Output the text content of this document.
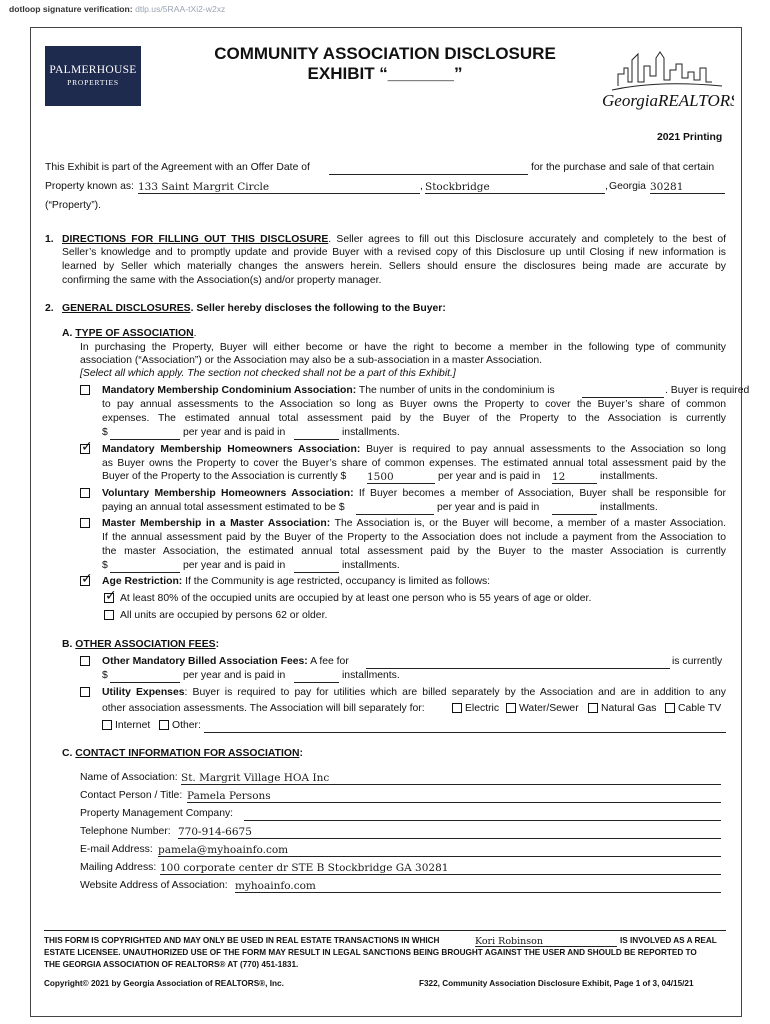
dotloop signature verification: dtlp.us/5RAA-tXi2-w2xz
PALMERHOUSE
PROPERTIES
COMMUNITY ASSOCIATION DISCLOSURE
EXHIBIT “_______”
GeorgiaREALTORS
2021 Printing
This Exhibit is part of the Agreement with an Offer Date of	for the purchase and sale of that certain
Property known as: 133 Saint Margrit Circle	, Stockbridge	, Georgia 30281
(“Property”).
1. DIRECTIONS FOR FILLING OUT THIS DISCLOSURE. Seller agrees to fill out this Disclosure accurately and completely to the best of
Seller’s knowledge and to promptly update and provide Buyer with a revised copy of this Disclosure up until Closing if new information is
learned by Seller which materially changes the answers herein. Sellers should ensure the disclosures being made are accurate by
confirming the same with the Association(s) and/or property manager.
2. GENERAL DISCLOSURES. Seller hereby discloses the following to the Buyer:
A. TYPE OF ASSOCIATION.
In purchasing the Property, Buyer will either become or have the right to become a member in the following type of community
association (“Association”) or the Association may also be a sub-association in a master Association.
[Select all which apply. The section not checked shall not be a part of this Exhibit.]
Mandatory Membership Condominium Association: The number of units in the condominium is	. Buyer is required
to pay annual assessments to the Association so long as Buyer owns the Property to cover the Buyer’s share of common
expenses. The estimated annual total assessment paid by the Buyer of the Property to the Association is currently
$	per year and is paid in	installments.
✓ Mandatory Membership Homeowners Association: Buyer is required to pay annual assessments to the Association so long
as Buyer owns the Property to cover the Buyer’s share of common expenses. The estimated annual total assessment paid by the
Buyer of the Property to the Association is currently $ 1500	per year and is paid in 12	installments.
Voluntary Membership Homeowners Association: If Buyer becomes a member of Association, Buyer shall be responsible for
paying an annual total assessment estimated to be $	per year and is paid in	installments.
Master Membership in a Master Association: The Association is, or the Buyer will become, a member of a master Association.
If the annual assessment paid by the Buyer of the Property to the Association does not include a payment from the Association to
the master Association, the estimated annual total assessment paid by the Buyer to the master Association is currently
$	per year and is paid in	installments.
✓ Age Restriction: If the Community is age restricted, occupancy is limited as follows:
✓ At least 80% of the occupied units are occupied by at least one person who is 55 years of age or older.
All units are occupied by persons 62 or older.
B. OTHER ASSOCIATION FEES:
Other Mandatory Billed Association Fees: A fee for	is currently
$	per year and is paid in	installments.
Utility Expenses: Buyer is required to pay for utilities which are billed separately by the Association and are in addition to any
other association assessments. The Association will bill separately for:	Electric Water/Sewer Natural Gas Cable TV
Internet Other:
C. CONTACT INFORMATION FOR ASSOCIATION:
Name of Association: St. Margrit Village HOA Inc
Contact Person / Title: Pamela Persons
Property Management Company:
Telephone Number: 770-914-6675
E-mail Address: pamela@myhoainfo.com
Mailing Address: 100 corporate center dr STE B Stockbridge GA 30281
Website Address of Association: myhoainfo.com
THIS FORM IS COPYRIGHTED AND MAY ONLY BE USED IN REAL ESTATE TRANSACTIONS IN WHICH	Kori Robinson	IS INVOLVED AS A REAL
ESTATE LICENSEE. UNAUTHORIZED USE OF THE FORM MAY RESULT IN LEGAL SANCTIONS BEING BROUGHT AGAINST THE USER AND SHOULD BE REPORTED TO
THE GEORGIA ASSOCIATION OF REALTORS® AT (770) 451-1831.
Copyright© 2021 by Georgia Association of REALTORS®, Inc.	F322, Community Association Disclosure Exhibit, Page 1 of 3, 04/15/21
